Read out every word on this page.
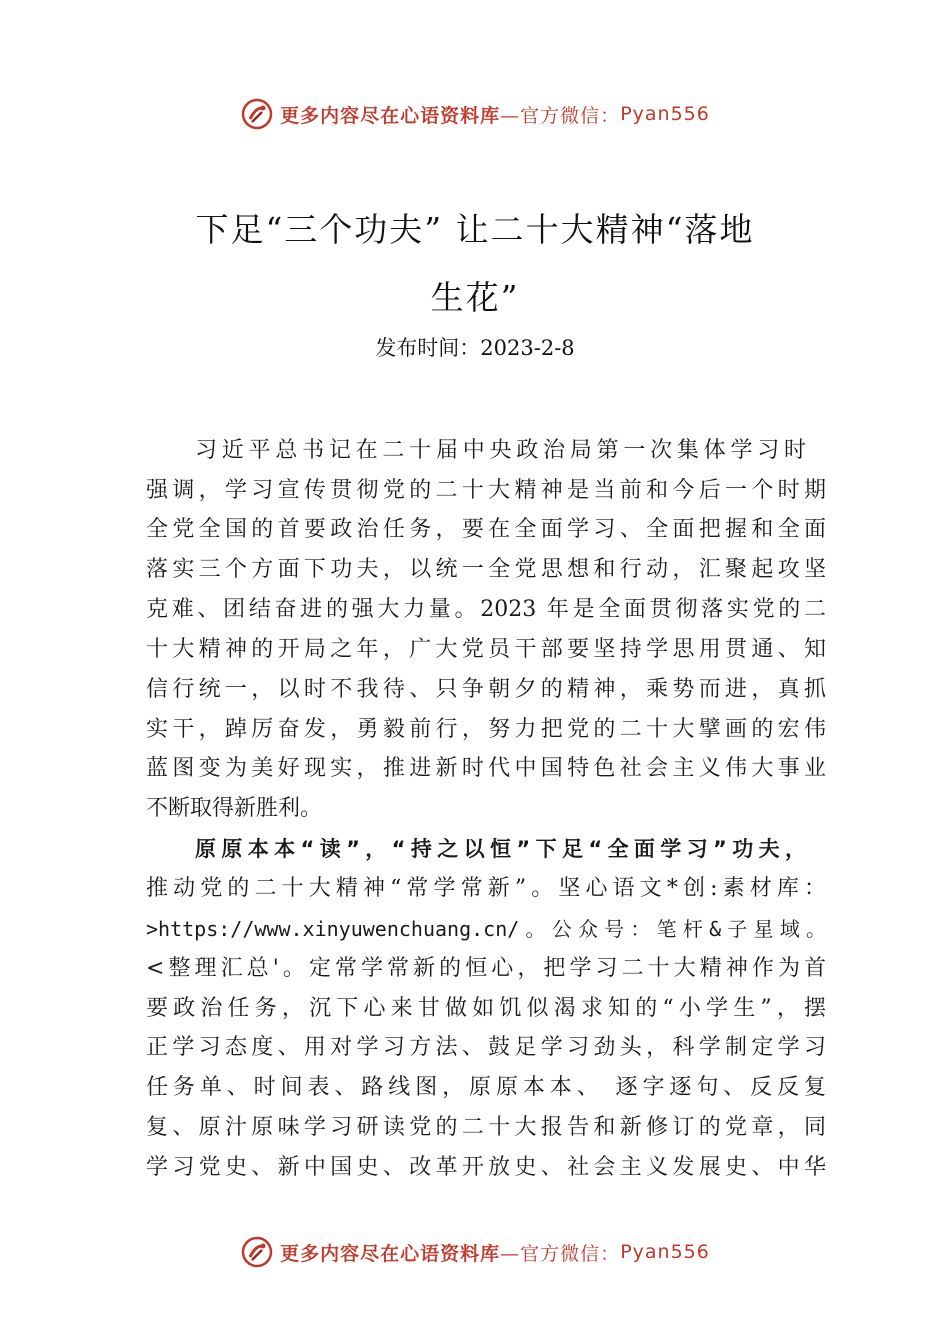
更多内容尽在心语资料库 —官方微信： Pyan556
下足“三个功夫” 让二十大精神“落地
生花”
发布时间：2023-2-8
习近平总书记在二十届中央政治局第一次集体学习时
强调，学习宣传贯彻党的二十大精神是当前和今后一个时期
全党全国的首要政治任务，要在全面学习、全面把握和全面
落实三个方面下功夫，以统一全党思想和行动，汇聚起攻坚
克难、团结奋进的强大力量。2023 年是全面贯彻落实党的二
十大精神的开局之年，广大党员干部要坚持学思用贯通、知
信行统一，以时不我待、只争朝夕的精神，乘势而进，真抓
实干，踔厉奋发，勇毅前行，努力把党的二十大擘画的宏伟
蓝图变为美好现实，推进新时代中国特色社会主义伟大事业
不断取得新胜利。
原原本本“读”，“持之以恒”下足“全面学习”功夫，
推动党的二十大精神“常学常新”。坚心语文*创:素材库：
>https://www.xinyuwenchuang.cn/。公众号：笔杆&子星域。
<整理汇总'。定常学常新的恒心，把学习二十大精神作为首
要政治任务，沉下心来甘做如饥似渴求知的“小学生”，摆
正学习态度、用对学习方法、鼓足学习劲头，科学制定学习
任务单、时间表、路线图，原原本本、 逐字逐句、反反复
复、原汁原味学习研读党的二十大报告和新修订的党章，同
学习党史、新中国史、改革开放史、社会主义发展史、中华
更多内容尽在心语资料库 —官方微信： Pyan556
